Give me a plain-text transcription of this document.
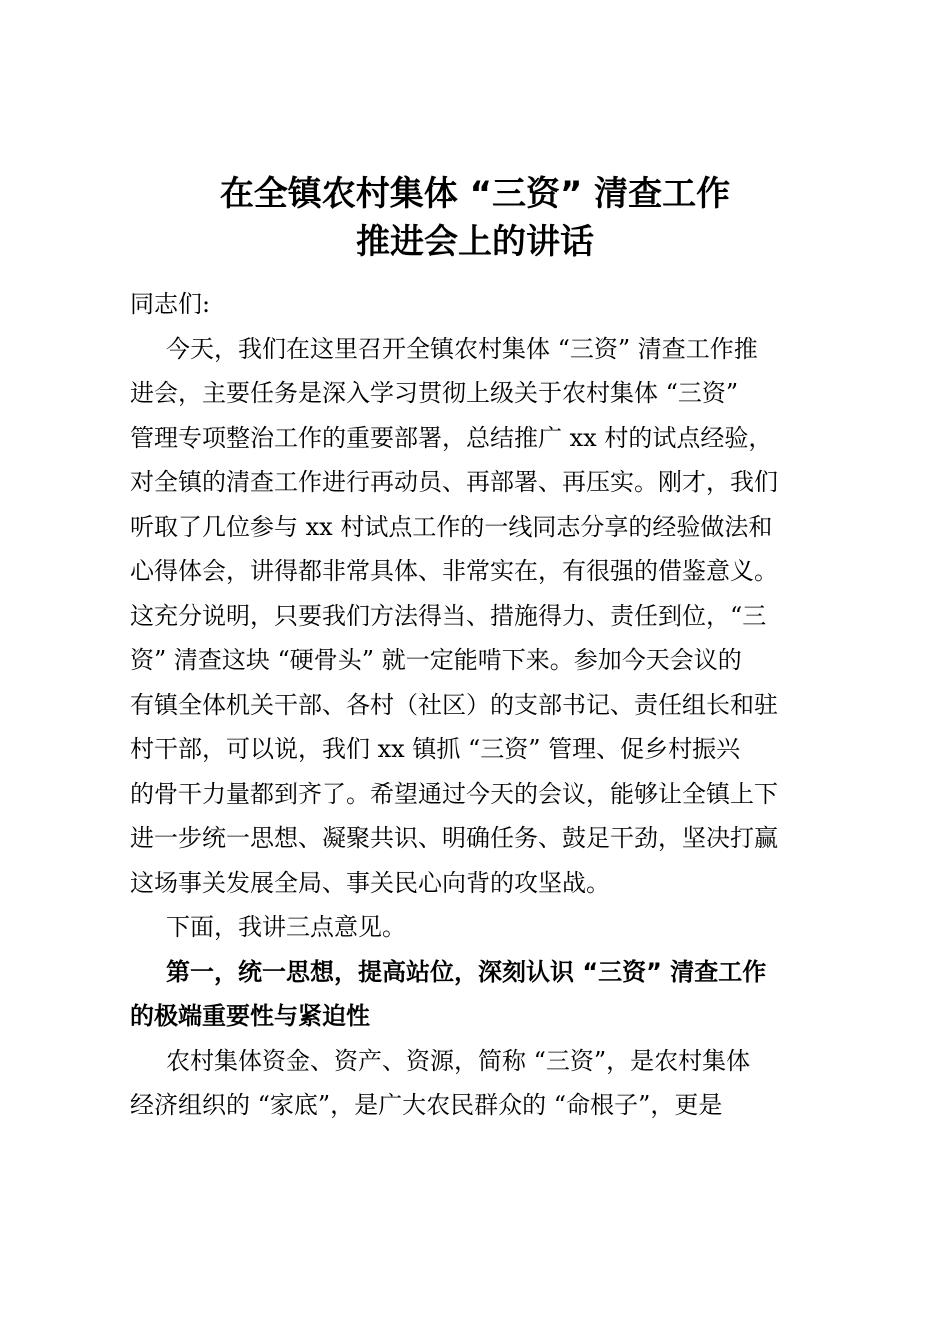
在全镇农村集体 “三资” 清查工作
推进会上的讲话
同志们:
今天，我们在这里召开全镇农村集体 “三资” 清查工作推
进会，主要任务是深入学习贯彻上级关于农村集体 “三资”
管理专项整治工作的重要部署，总结推广 xx 村的试点经验，
对全镇的清查工作进行再动员、再部署、再压实。刚才，我们
听取了几位参与 xx 村试点工作的一线同志分享的经验做法和
心得体会，讲得都非常具体、非常实在，有很强的借鉴意义。
这充分说明，只要我们方法得当、措施得力、责任到位，“三
资” 清查这块 “硬骨头” 就一定能啃下来。参加今天会议的
有镇全体机关干部、各村（社区）的支部书记、责任组长和驻
村干部，可以说，我们 xx 镇抓 “三资” 管理、促乡村振兴
的骨干力量都到齐了。希望通过今天的会议，能够让全镇上下
进一步统一思想、凝聚共识、明确任务、鼓足干劲，坚决打赢
这场事关发展全局、事关民心向背的攻坚战。
下面，我讲三点意见。
第一，统一思想，提高站位，深刻认识 “三资” 清查工作
的极端重要性与紧迫性
农村集体资金、资产、资源，简称 “三资”，是农村集体
经济组织的 “家底”，是广大农民群众的 “命根子”，更是
